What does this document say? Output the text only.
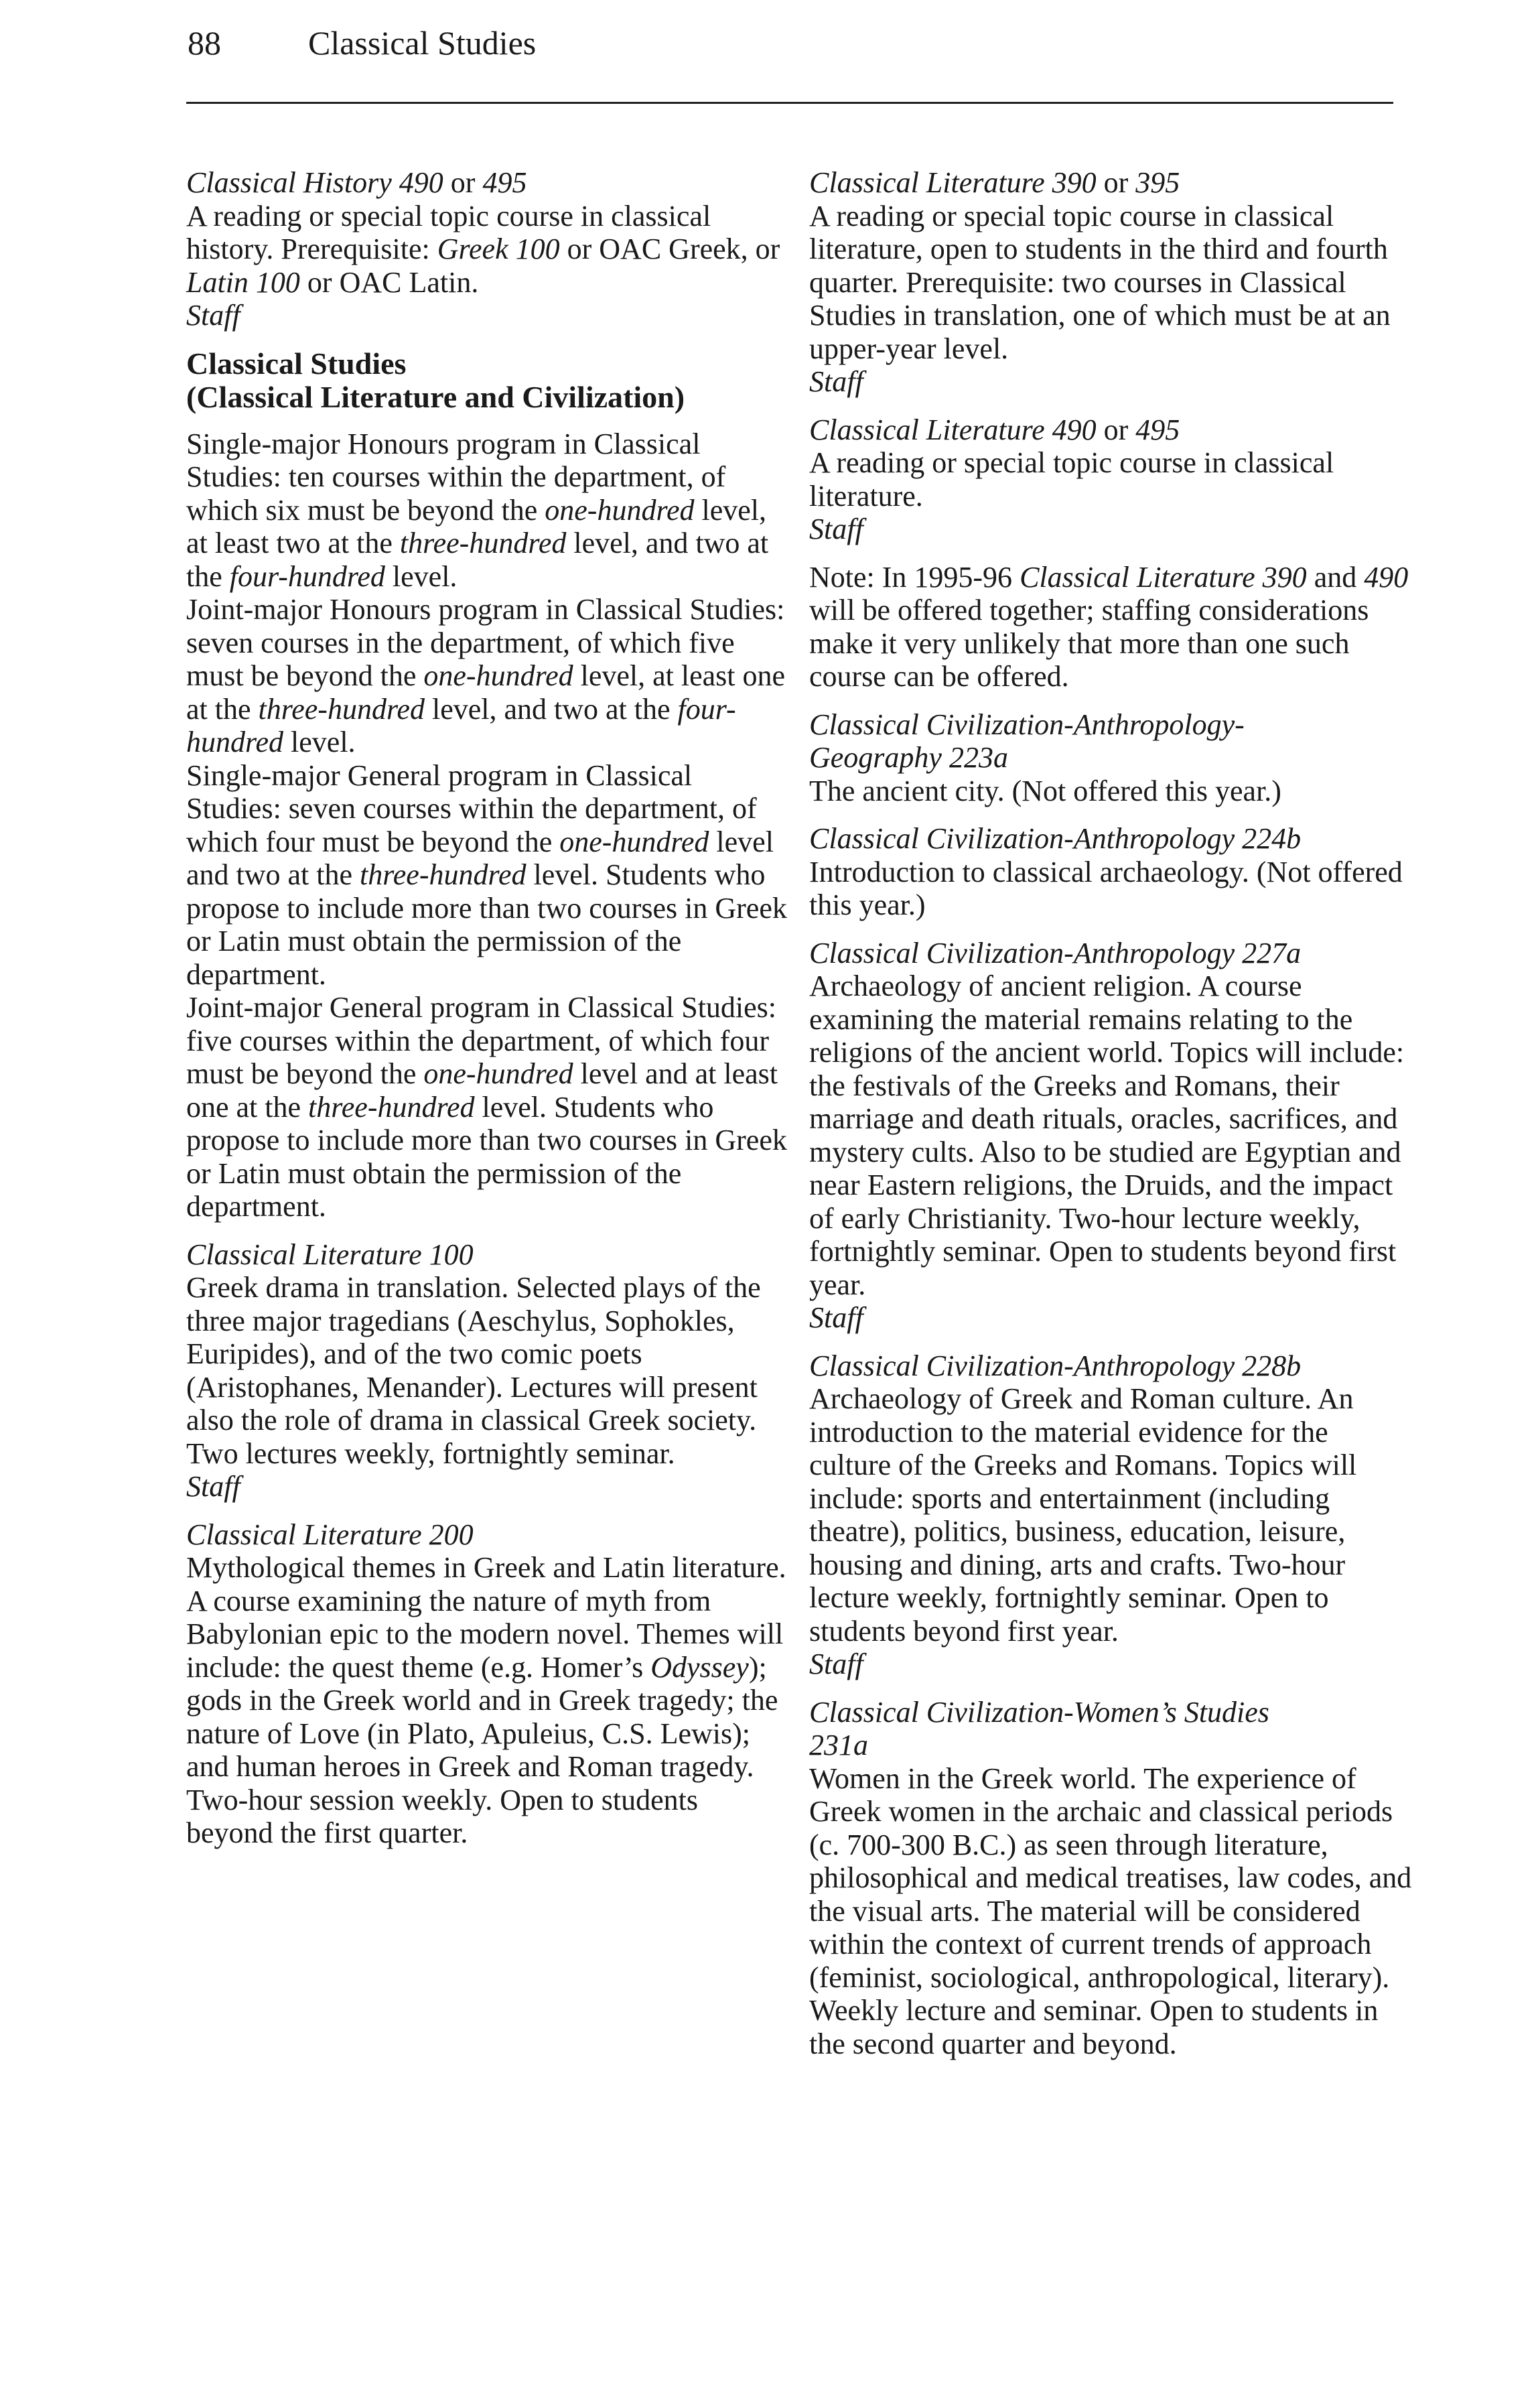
88	Classical Studies
Classical History 490 or 495
A reading or special topic course in classical history. Prerequisite: Greek 100 or OAC Greek, or Latin 100 or OAC Latin.
Staff
Classical Studies
(Classical Literature and Civilization)
Single-major Honours program in Classical Studies: ten courses within the department, of which six must be beyond the one-hundred level, at least two at the three-hundred level, and two at the four-hundred level.
Joint-major Honours program in Classical Studies: seven courses in the department, of which five must be beyond the one-hundred level, at least one at the three-hundred level, and two at the four-hundred level.
Single-major General program in Classical Studies: seven courses within the department, of which four must be beyond the one-hundred level and two at the three-hundred level. Students who propose to include more than two courses in Greek or Latin must obtain the permission of the department.
Joint-major General program in Classical Studies: five courses within the department, of which four must be beyond the one-hundred level and at least one at the three-hundred level. Students who propose to include more than two courses in Greek or Latin must obtain the permission of the department.
Classical Literature 100
Greek drama in translation. Selected plays of the three major tragedians (Aeschylus, Sophokles, Euripides), and of the two comic poets (Aristophanes, Menander). Lectures will present also the role of drama in classical Greek society. Two lectures weekly, fortnightly seminar.
Staff
Classical Literature 200
Mythological themes in Greek and Latin literature. A course examining the nature of myth from Babylonian epic to the modern novel. Themes will include: the quest theme (e.g. Homer’s Odyssey); gods in the Greek world and in Greek tragedy; the nature of Love (in Plato, Apuleius, C.S. Lewis); and human heroes in Greek and Roman tragedy. Two-hour session weekly. Open to students beyond the first quarter.
Classical Literature 390 or 395
A reading or special topic course in classical literature, open to students in the third and fourth quarter. Prerequisite: two courses in Classical Studies in translation, one of which must be at an upper-year level.
Staff
Classical Literature 490 or 495
A reading or special topic course in classical literature.
Staff
Note: In 1995-96 Classical Literature 390 and 490 will be offered together; staffing considerations make it very unlikely that more than one such course can be offered.
Classical Civilization-Anthropology-
Geography 223a
The ancient city. (Not offered this year.)
Classical Civilization-Anthropology 224b
Introduction to classical archaeology. (Not offered this year.)
Classical Civilization-Anthropology 227a
Archaeology of ancient religion. A course examining the material remains relating to the religions of the ancient world. Topics will include: the festivals of the Greeks and Romans, their marriage and death rituals, oracles, sacrifices, and mystery cults. Also to be studied are Egyptian and near Eastern religions, the Druids, and the impact of early Christianity. Two-hour lecture weekly, fortnightly seminar. Open to students beyond first year.
Staff
Classical Civilization-Anthropology 228b
Archaeology of Greek and Roman culture. An introduction to the material evidence for the culture of the Greeks and Romans. Topics will include: sports and entertainment (including theatre), politics, business, education, leisure, housing and dining, arts and crafts. Two-hour lecture weekly, fortnightly seminar. Open to students beyond first year.
Staff
Classical Civilization-Women’s Studies
231a
Women in the Greek world. The experience of Greek women in the archaic and classical periods (c. 700-300 B.C.) as seen through literature, philosophical and medical treatises, law codes, and the visual arts. The material will be considered within the context of current trends of approach (feminist, sociological, anthropological, literary). Weekly lecture and seminar. Open to students in the second quarter and beyond.
